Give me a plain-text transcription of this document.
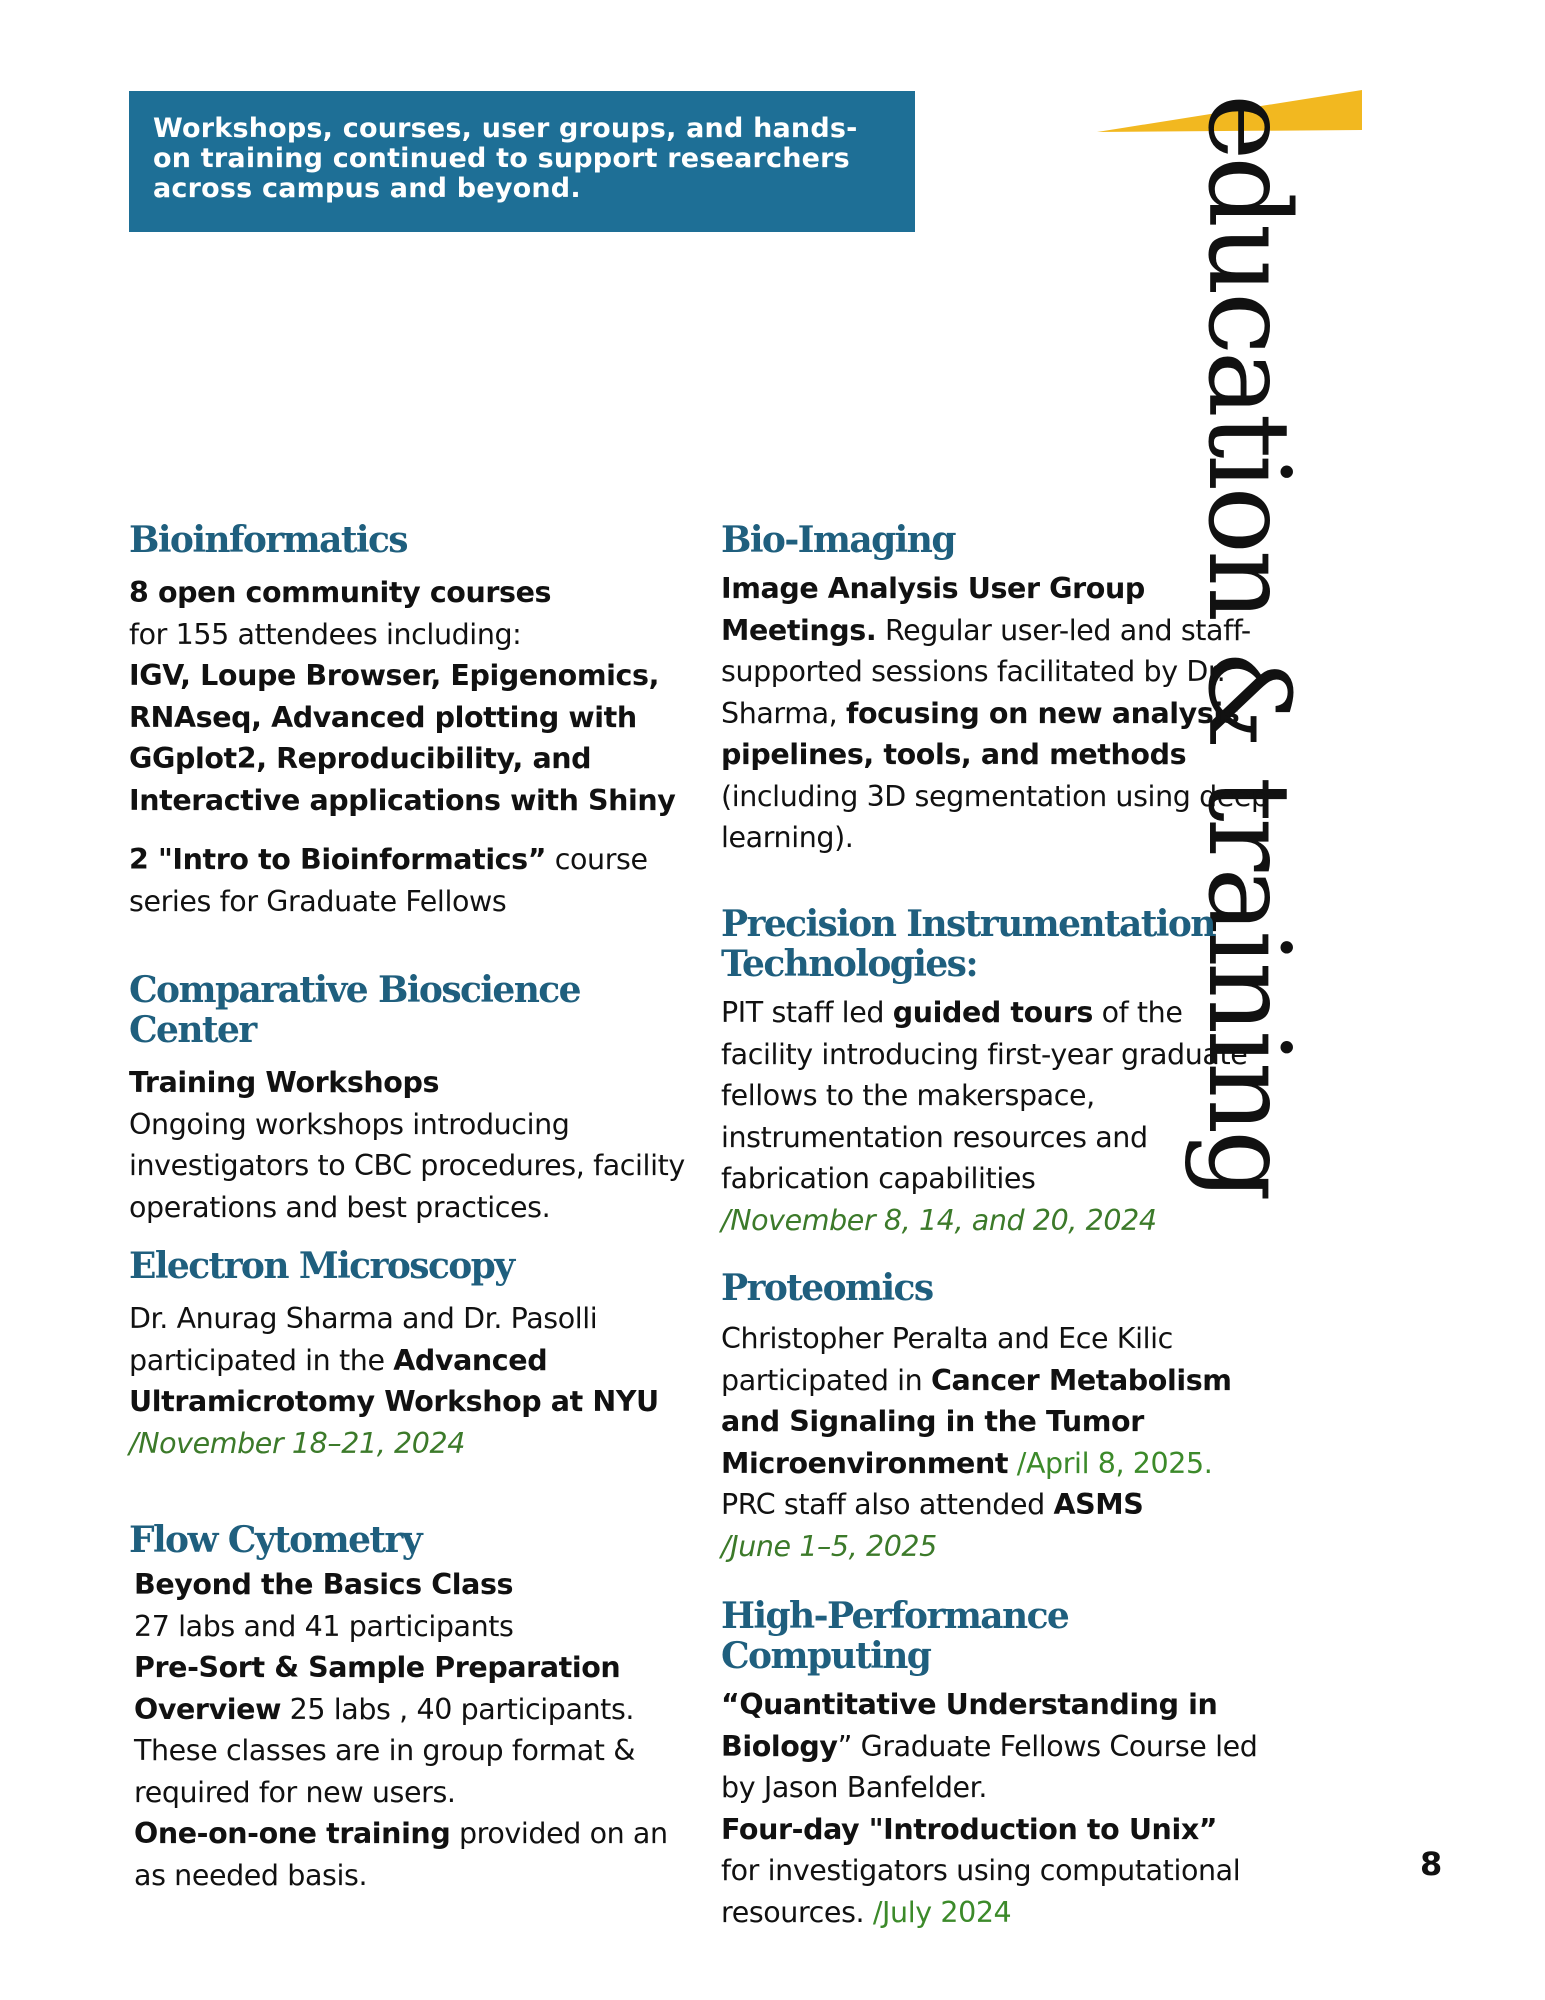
Workshops, courses, user groups, and hands-on training continued to support researchers across campus and beyond.	education & training
Bioinformatics

8 open community courses
for 155 attendees including:
IGV, Loupe Browser, Epigenomics, RNAseq, Advanced plotting with GGplot2, Reproducibility, and Interactive applications with Shiny

2 "Intro to Bioinformatics” course series for Graduate Fellows

Comparative Bioscience Center

Training Workshops
Ongoing workshops introducing investigators to CBC procedures, facility operations and best practices.

Electron Microscopy

Dr. Anurag Sharma and Dr. Pasolli participated in the Advanced Ultramicrotomy Workshop at NYU
/November 18–21, 2024

Flow Cytometry

Beyond the Basics Class
27 labs and 41 participants
Pre-Sort & Sample Preparation Overview 25 labs , 40 participants.
These classes are in group format & required for new users.
One-on-one training provided on an as needed basis.

Bio-Imaging

Image Analysis User Group Meetings. Regular user-led and staff-supported sessions facilitated by Dr. Sharma, focusing on new analysis pipelines, tools, and methods (including 3D segmentation using deep learning).

Precision Instrumentation Technologies:

PIT staff led guided tours of the facility introducing first-year graduate fellows to the makerspace, instrumentation resources and fabrication capabilities
/November 8, 14, and 20, 2024

Proteomics

Christopher Peralta and Ece Kilic participated in Cancer Metabolism and Signaling in the Tumor Microenvironment /April 8, 2025.
PRC staff also attended ASMS
/June 1–5, 2025

High-Performance Computing

“Quantitative Understanding in Biology” Graduate Fellows Course led by Jason Banfelder.
Four-day "Introduction to Unix”
for investigators using computational resources. /July 2024

8
